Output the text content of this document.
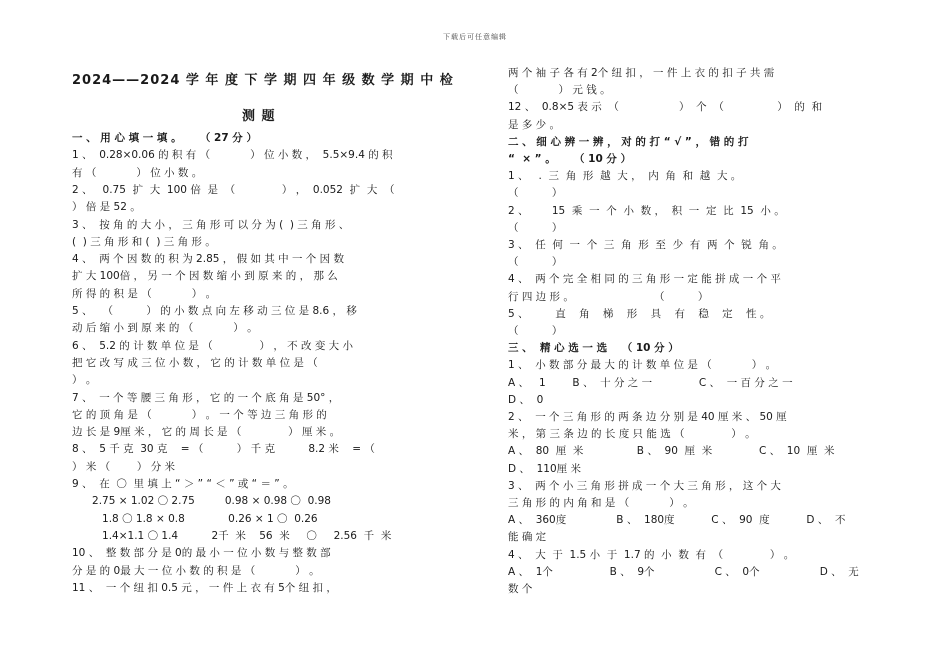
下载后可任意编辑
2024——2024 学 年 度 下 学 期 四 年 级 数 学 期 中 检
测 题
一 、 用 心 填 一 填 。     （ 27 分 ）
1 、  0.28×0.06 的 积 有 （            ） 位 小 数 ，  5.5×9.4 的 积
有 （            ） 位 小 数 。
2 、   0.75  扩  大  100 倍  是  （              ） ，  0.052  扩  大  （
） 倍 是 52 。
3 、  按 角 的 大 小 ， 三 角 形 可 以 分 为 (  ) 三 角 形 、
(  ) 三 角 形 和 (  ) 三 角 形 。
4 、  两 个 因 数 的 积 为 2.85 ， 假 如 其 中 一 个 因 数
扩 大 100倍 ， 另 一 个 因 数 缩 小 到 原 来 的 ， 那 么
所 得 的 积 是 （            ） 。
5 、   （          ） 的 小 数 点 向 左 移 动 三 位 是 8.6 ， 移
动 后 缩 小 到 原 来 的 （            ） 。
6 、  5.2 的 计 数 单 位 是 （              ） ， 不 改 变 大 小
把 它 改 写 成 三 位 小 数 ， 它 的 计 数 单 位 是 （
） 。
7 、  一 个 等 腰 三 角 形 ， 它 的 一 个 底 角 是 50° ，
它 的 顶 角 是 （            ） 。 一 个 等 边 三 角 形 的
边 长 是 9厘 米 ， 它 的 周 长 是 （              ） 厘 米 。
8 、  5 千 克  30 克    = （          ） 千 克          8.2 米    = （
） 米 （        ） 分 米
9 、  在  〇  里 填 上 “ ＞ ” “ ＜ ” 或 “ ＝ ” 。
2.75 × 1.02 〇 2.75         0.98 × 0.98 〇  0.98
1.8 〇 1.8 × 0.8             0.26 × 1 〇  0.26
1.4×1.1 〇 1.4          2千  米    56  米     〇     2.56  千  米
10 、  整 数 部 分 是 0的 最 小 一 位 小 数 与 整 数 部
分 是 的 0最 大 一 位 小 数 的 积 是 （            ） 。
11 、  一 个 纽 扣 0.5 元 ， 一 件 上 衣 有 5个 纽 扣 ，
两 个 袖 子 各 有 2个 纽 扣 ， 一 件 上 衣 的 扣 子 共 需
（            ） 元 钱 。
12 、  0.8×5 表 示  （                  ）  个  （                ）  的  和
是 多 少 。
二 、 细 心 辨 一 辨 ， 对 的 打 “ √ ” ， 错 的 打
“  × ” 。     （ 10 分 ）
1 、   .  三  角  形  越  大 ，  内  角  和  越  大 。
（          ）
2 、       15  乘  一  个  小  数 ，  积  一  定  比  15  小 。
（          ）
3 、  任  何  一  个  三  角  形  至  少  有  两  个  锐  角 。
（          ）
4 、  两 个 完 全 相 同 的 三 角 形 一 定 能 拼 成 一 个 平
行 四 边 形 。                        （          ）
5 、        直    角    梯    形    具    有    稳    定    性 。
（          ）
三 、  精 心 选 一 选    （ 10 分 ）
1 、  小 数 部 分 最 大 的 计 数 单 位 是 （            ） 。
A 、   1        B 、  十 分 之 一              C 、  一 百 分 之 一
D 、  0
2 、  一 个 三 角 形 的 两 条 边 分 别 是 40 厘 米 、 50 厘
米 ， 第 三 条 边 的 长 度 只 能 选 （              ） 。
A 、  80  厘  米                B 、  90  厘  米              C 、  10  厘  米
D 、  110厘 米
3 、  两 个 小 三 角 形 拼 成 一 个 大 三 角 形 ， 这 个 大
三 角 形 的 内 角 和 是 （            ） 。
A 、  360度               B 、  180度           C 、  90  度           D 、  不
能 确 定
4 、  大  于  1.5 小  于  1.7 的  小  数  有  （              ） 。
A 、  1个                 B 、  9个                  C 、  0个                  D 、  无
数 个
